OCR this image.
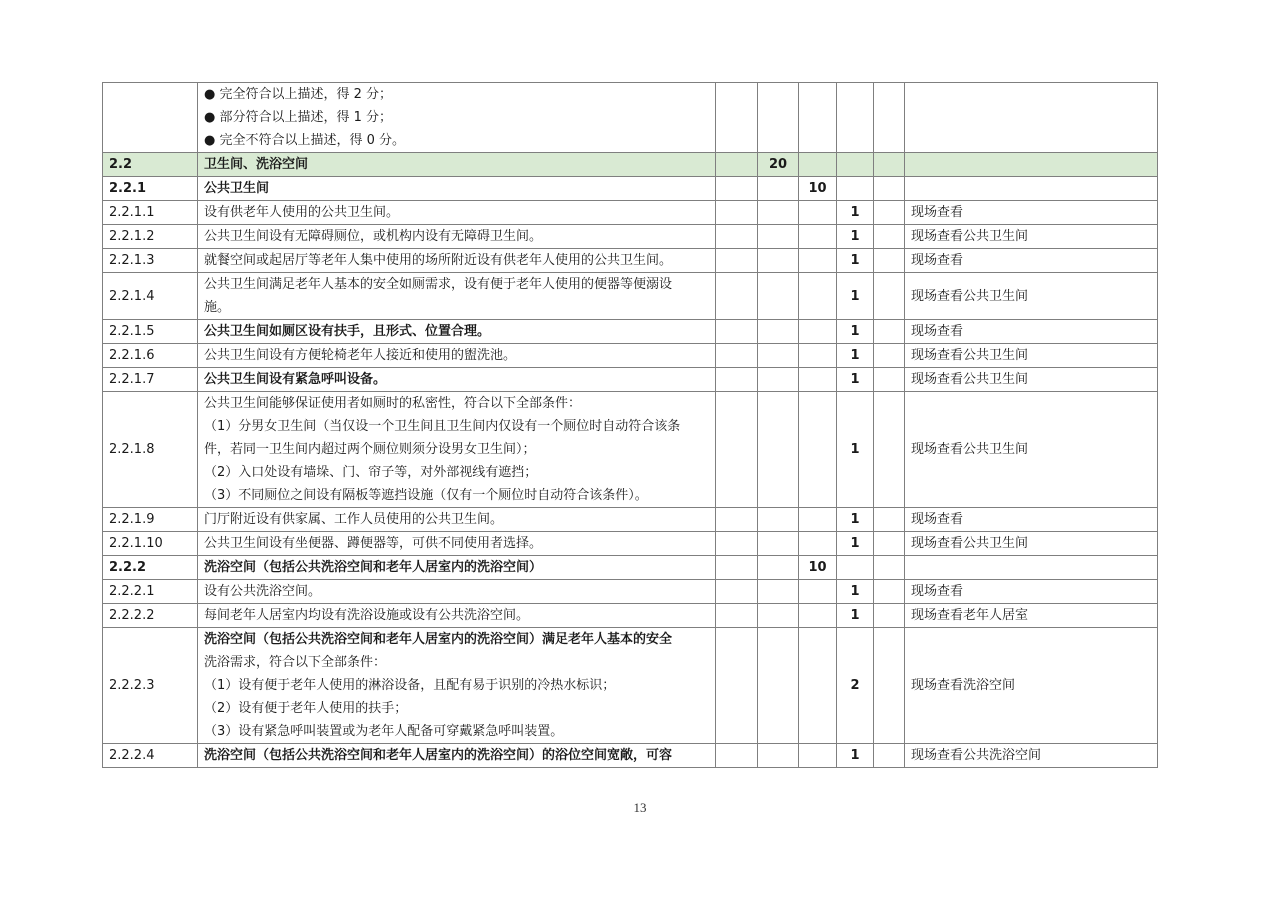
	● 完全符合以上描述，得 2 分；
● 部分符合以上描述，得 1 分；
● 完全不符合以上描述，得 0 分。						

2.2	卫生间、洗浴空间		20				
2.2.1	公共卫生间			10			
2.2.1.1	设有供老年人使用的公共卫生间。				1		现场查看
2.2.1.2	公共卫生间设有无障碍厕位，或机构内设有无障碍卫生间。				1		现场查看公共卫生间
2.2.1.3	就餐空间或起居厅等老年人集中使用的场所附近设有供老年人使用的公共卫生间。				1		现场查看
2.2.1.4	公共卫生间满足老年人基本的安全如厕需求，设有便于老年人使用的便器等便溺设
施。				1		现场查看公共卫生间
2.2.1.5	公共卫生间如厕区设有扶手，且形式、位置合理。				1		现场查看
2.2.1.6	公共卫生间设有方便轮椅老年人接近和使用的盥洗池。				1		现场查看公共卫生间
2.2.1.7	公共卫生间设有紧急呼叫设备。				1		现场查看公共卫生间
2.2.1.8	公共卫生间能够保证使用者如厕时的私密性，符合以下全部条件：
（1）分男女卫生间（当仅设一个卫生间且卫生间内仅设有一个厕位时自动符合该条
件，若同一卫生间内超过两个厕位则须分设男女卫生间）；
（2）入口处设有墙垛、门、帘子等，对外部视线有遮挡；
（3）不同厕位之间设有隔板等遮挡设施（仅有一个厕位时自动符合该条件）。				1		现场查看公共卫生间
2.2.1.9	门厅附近设有供家属、工作人员使用的公共卫生间。				1		现场查看
2.2.1.10	公共卫生间设有坐便器、蹲便器等，可供不同使用者选择。				1		现场查看公共卫生间
2.2.2	洗浴空间（包括公共洗浴空间和老年人居室内的洗浴空间）			10			
2.2.2.1	设有公共洗浴空间。				1		现场查看
2.2.2.2	每间老年人居室内均设有洗浴设施或设有公共洗浴空间。				1		现场查看老年人居室
2.2.2.3	洗浴空间（包括公共洗浴空间和老年人居室内的洗浴空间）满足老年人基本的安全
洗浴需求，符合以下全部条件：
（1）设有便于老年人使用的淋浴设备，且配有易于识别的冷热水标识；
（2）设有便于老年人使用的扶手；
（3）设有紧急呼叫装置或为老年人配备可穿戴紧急呼叫装置。				2		现场查看洗浴空间
2.2.2.4	洗浴空间（包括公共洗浴空间和老年人居室内的洗浴空间）的浴位空间宽敞，可容				1		现场查看公共洗浴空间
13
